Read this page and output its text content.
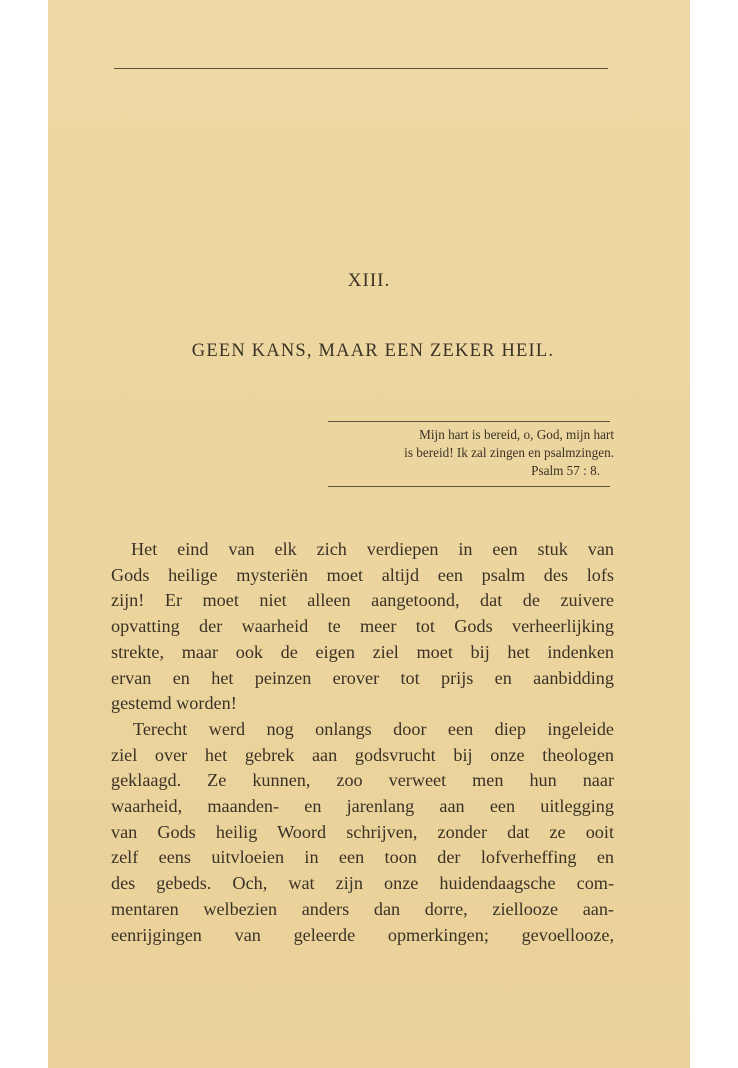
XIII.
GEEN KANS, MAAR EEN ZEKER HEIL.
Mijn hart is bereid, o, God, mijn hart
is bereid! Ik zal zingen en psalmzingen.
Psalm 57 : 8.

Het eind van elk zich verdiepen in een stuk van
Gods heilige mysteriën moet altijd een psalm des lofs
zijn! Er moet niet alleen aangetoond, dat de zuivere
opvatting der waarheid te meer tot Gods verheerlijking
strekte, maar ook de eigen ziel moet bij het indenken
ervan en het peinzen erover tot prijs en aanbidding
gestemd worden!

Terecht werd nog onlangs door een diep ingeleide
ziel over het gebrek aan godsvrucht bij onze theologen
geklaagd. Ze kunnen, zoo verweet men hun naar
waarheid, maanden- en jarenlang aan een uitlegging
van Gods heilig Woord schrijven, zonder dat ze ooit
zelf eens uitvloeien in een toon der lofverheffing en
des gebeds. Och, wat zijn onze huidendaagsche com-
mentaren welbezien anders dan dorre, ziellooze aan-
eenrijgingen van geleerde opmerkingen; gevoellooze,
